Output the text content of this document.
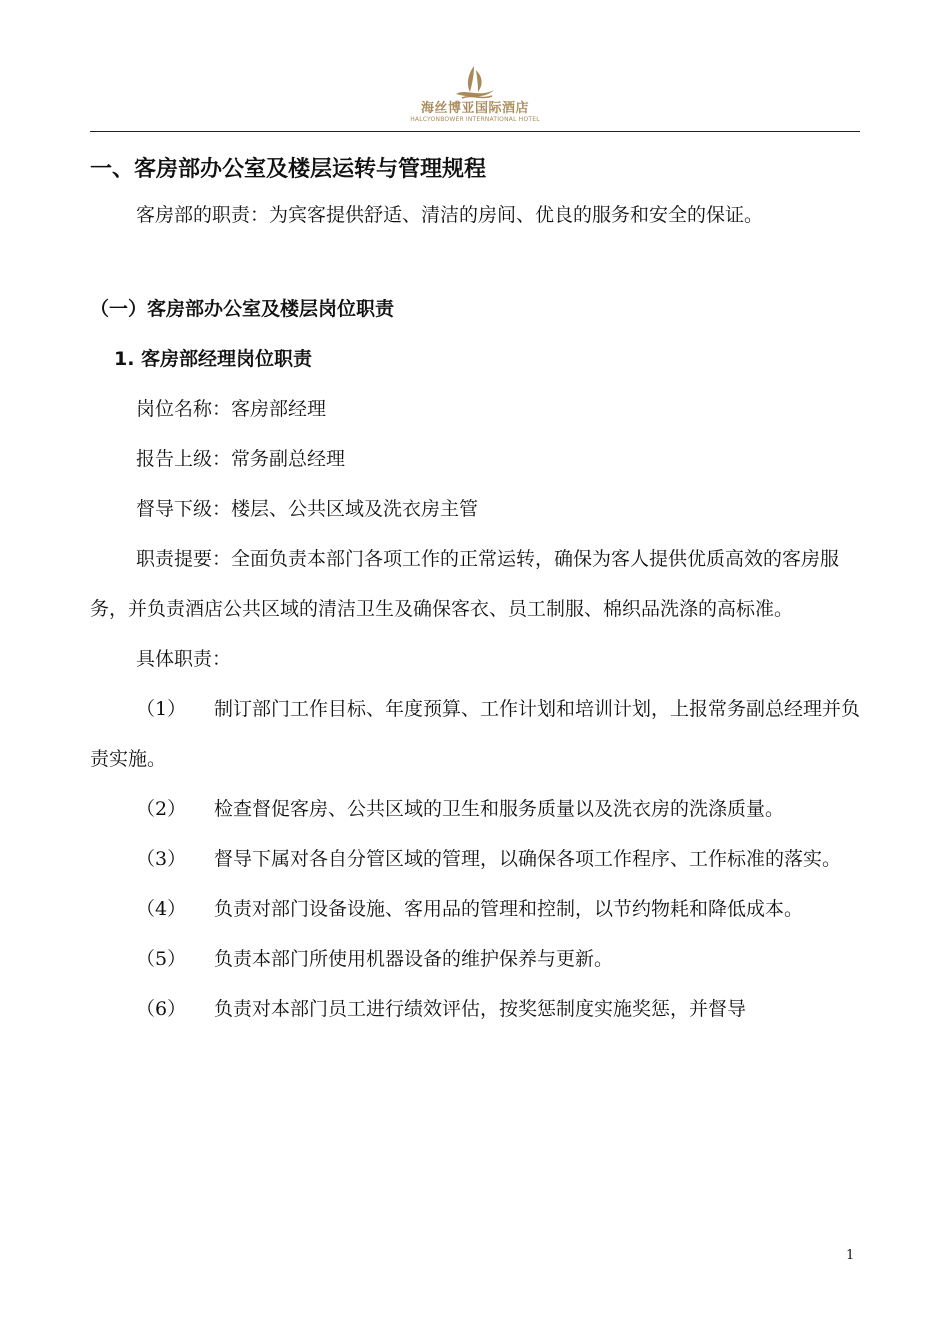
海丝博亚国际酒店
HALCYONBOWER INTERNATIONAL HOTEL

一、客房部办公室及楼层运转与管理规程

客房部的职责：为宾客提供舒适、清洁的房间、优良的服务和安全的保证。

（一）客房部办公室及楼层岗位职责

1. 客房部经理岗位职责

岗位名称：客房部经理

报告上级：常务副总经理

督导下级：楼层、公共区域及洗衣房主管

职责提要：全面负责本部门各项工作的正常运转，确保为客人提供优质高效的客房服务，并负责酒店公共区域的清洁卫生及确保客衣、员工制服、棉织品洗涤的高标准。

具体职责：

（1） 制订部门工作目标、年度预算、工作计划和培训计划，上报常务副总经理并负责实施。

（2） 检查督促客房、公共区域的卫生和服务质量以及洗衣房的洗涤质量。

（3） 督导下属对各自分管区域的管理，以确保各项工作程序、工作标准的落实。

（4） 负责对部门设备设施、客用品的管理和控制，以节约物耗和降低成本。

（5） 负责本部门所使用机器设备的维护保养与更新。

（6） 负责对本部门员工进行绩效评估，按奖惩制度实施奖惩，并督导

1
